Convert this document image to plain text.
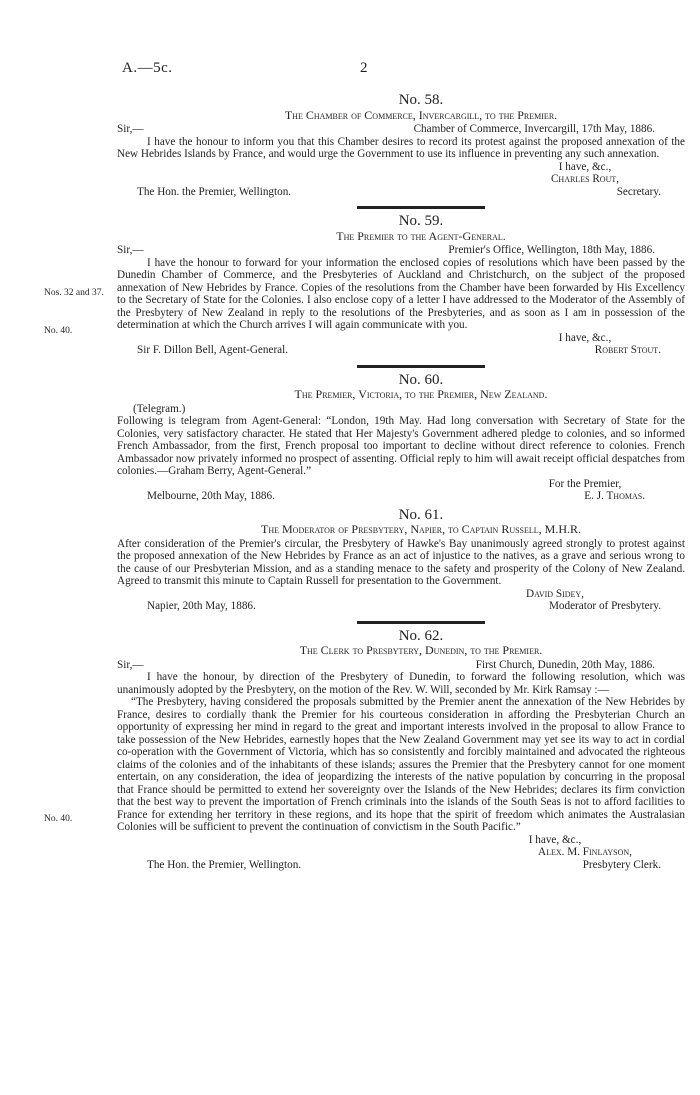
A.—5c.	2
Nos. 32 and 37.
No. 40.
No. 40.
No. 58.
The Chamber of Commerce, Invercargill, to the Premier.
Sir,—	Chamber of Commerce, Invercargill, 17th May, 1886.
I have the honour to inform you that this Chamber desires to record its protest against the proposed annexation of the New Hebrides Islands by France, and would urge the Government to use its influence in preventing any such annexation.
I have, &c.,
Charles Rout,
The Hon. the Premier, Wellington.	Secretary.
No. 59.
The Premier to the Agent-General.
Sir,—	Premier's Office, Wellington, 18th May, 1886.
I have the honour to forward for your information the enclosed copies of resolutions which have been passed by the Dunedin Chamber of Commerce, and the Presbyteries of Auckland and Christchurch, on the subject of the proposed annexation of New Hebrides by France. Copies of the resolutions from the Chamber have been forwarded by His Excellency to the Secretary of State for the Colonies. I also enclose copy of a letter I have addressed to the Moderator of the Assembly of the Presbytery of New Zealand in reply to the resolutions of the Presbyteries, and as soon as I am in possession of the determination at which the Church arrives I will again communicate with you.
I have, &c.,
Sir F. Dillon Bell, Agent-General.	Robert Stout.
No. 60.
The Premier, Victoria, to the Premier, New Zealand.
(Telegram.)
Following is telegram from Agent-General: “London, 19th May. Had long conversation with Secretary of State for the Colonies, very satisfactory character. He stated that Her Majesty's Government adhered pledge to colonies, and so informed French Ambassador, from the first, French proposal too important to decline without direct reference to colonies. French Ambassador now privately informed no prospect of assenting. Official reply to him will await receipt official despatches from colonies.—Graham Berry, Agent-General.”
For the Premier,
Melbourne, 20th May, 1886.	E. J. Thomas.
No. 61.
The Moderator of Presbytery, Napier, to Captain Russell, M.H.R.
After consideration of the Premier's circular, the Presbytery of Hawke's Bay unanimously agreed strongly to protest against the proposed annexation of the New Hebrides by France as an act of injustice to the natives, as a grave and serious wrong to the cause of our Presbyterian Mission, and as a standing menace to the safety and prosperity of the Colony of New Zealand. Agreed to transmit this minute to Captain Russell for presentation to the Government.
David Sidey,
Napier, 20th May, 1886.	Moderator of Presbytery.
No. 62.
The Clerk to Presbytery, Dunedin, to the Premier.
Sir,—	First Church, Dunedin, 20th May, 1886.
I have the honour, by direction of the Presbytery of Dunedin, to forward the following resolution, which was unanimously adopted by the Presbytery, on the motion of the Rev. W. Will, seconded by Mr. Kirk Ramsay :—
“The Presbytery, having considered the proposals submitted by the Premier anent the annexation of the New Hebrides by France, desires to cordially thank the Premier for his courteous consideration in affording the Presbyterian Church an opportunity of expressing her mind in regard to the great and important interests involved in the proposal to allow France to take possession of the New Hebrides, earnestly hopes that the New Zealand Government may yet see its way to act in cordial co-operation with the Government of Victoria, which has so consistently and forcibly maintained and advocated the righteous claims of the colonies and of the inhabitants of these islands; assures the Premier that the Presbytery cannot for one moment entertain, on any consideration, the idea of jeopardizing the interests of the native population by concurring in the proposal that France should be permitted to extend her sovereignty over the Islands of the New Hebrides; declares its firm conviction that the best way to prevent the importation of French criminals into the islands of the South Seas is not to afford facilities to France for extending her territory in these regions, and its hope that the spirit of freedom which animates the Australasian Colonies will be sufficient to prevent the continuation of convictism in the South Pacific.”
I have, &c.,
Alex. M. Finlayson,
The Hon. the Premier, Wellington.	Presbytery Clerk.
